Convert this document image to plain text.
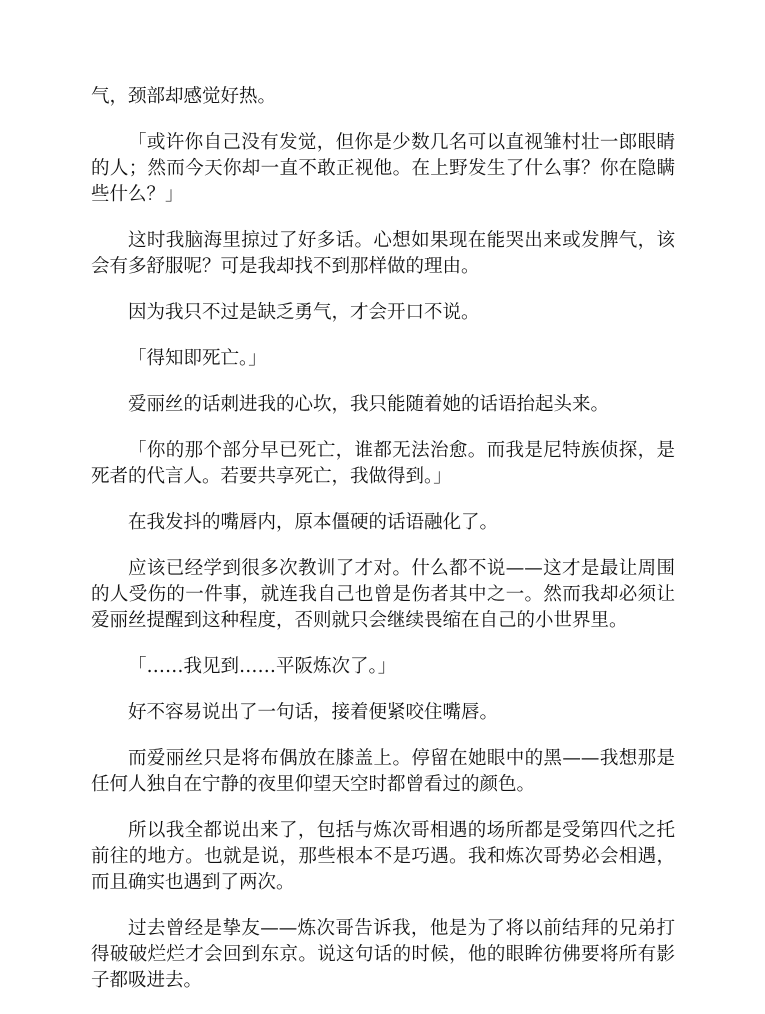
气，颈部却感觉好热。

「或许你自己没有发觉，但你是少数几名可以直视雏村壮一郎眼睛的人；然而今天你却一直不敢正视他。在上野发生了什么事？你在隐瞒些什么？」

这时我脑海里掠过了好多话。心想如果现在能哭出来或发脾气，该会有多舒服呢？可是我却找不到那样做的理由。

因为我只不过是缺乏勇气，才会开口不说。

「得知即死亡。」

爱丽丝的话刺进我的心坎，我只能随着她的话语抬起头来。

「你的那个部分早已死亡，谁都无法治愈。而我是尼特族侦探，是死者的代言人。若要共享死亡，我做得到。」

在我发抖的嘴唇内，原本僵硬的话语融化了。

应该已经学到很多次教训了才对。什么都不说——这才是最让周围的人受伤的一件事，就连我自己也曾是伤者其中之一。然而我却必须让爱丽丝提醒到这种程度，否则就只会继续畏缩在自己的小世界里。

「……我见到……平阪炼次了。」

好不容易说出了一句话，接着便紧咬住嘴唇。

而爱丽丝只是将布偶放在膝盖上。停留在她眼中的黑——我想那是任何人独自在宁静的夜里仰望天空时都曾看过的颜色。

所以我全都说出来了，包括与炼次哥相遇的场所都是受第四代之托前往的地方。也就是说，那些根本不是巧遇。我和炼次哥势必会相遇，而且确实也遇到了两次。

过去曾经是挚友——炼次哥告诉我，他是为了将以前结拜的兄弟打得破破烂烂才会回到东京。说这句话的时候，他的眼眸彷佛要将所有影子都吸进去。
